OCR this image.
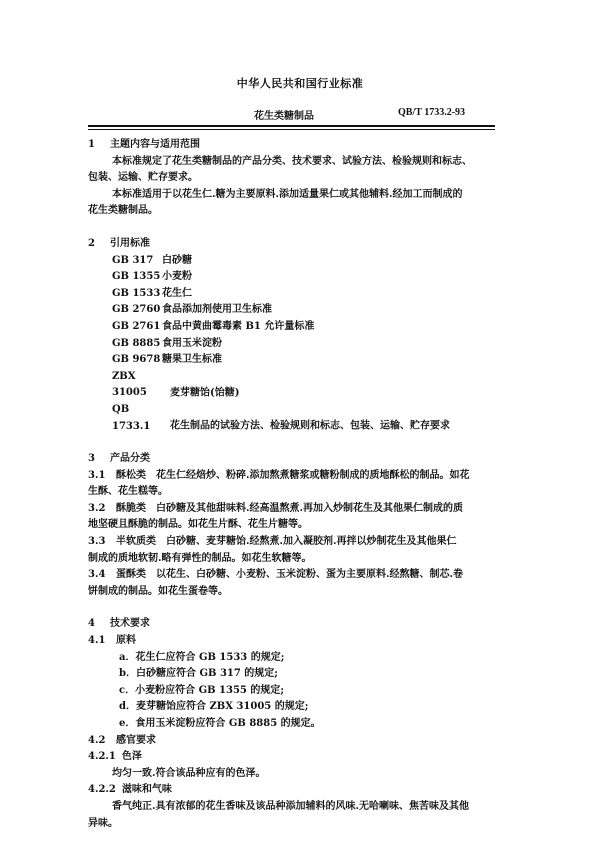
中华人民共和国行业标准
花生类糖制品	QB/T 1733.2-93

1 主题内容与适用范围

本标准规定了花生类糖制品的产品分类、技术要求、试验方法、检验规则和标志、

包装、运输、贮存要求。

本标准适用于以花生仁.糖为主要原料.添加适量果仁或其他辅料.经加工而制成的

花生类糖制品。

2 引用标准

GB 317 白砂糖

GB 1355 小麦粉

GB 1533 花生仁

GB 2760 食品添加剂使用卫生标准

GB 2761 食品中黄曲霉毒素 B1 允许量标准

GB 8885 食用玉米淀粉

GB 9678 糖果卫生标准

ZBX 31005 麦芽糖饴(饴糖)

QB 1733.1 花生制品的试验方法、检验规则和标志、包装、运输、贮存要求

3 产品分类

3.1 酥松类　花生仁经焙炒、粉碎.添加熬煮糖浆或糖粉制成的质地酥松的制品。如花

生酥、花生糕等。

3.2 酥脆类　白砂糖及其他甜味料.经高温熬煮.再加入炒制花生及其他果仁制成的质

地坚硬且酥脆的制品。如花生片酥、花生片糖等。

3.3 半软质类　白砂糖、麦芽糖饴.经熬煮.加入凝胶剂.再拌以炒制花生及其他果仁

制成的质地软韧.略有弹性的制品。如花生软糖等。

3.4 蛋酥类　以花生、白砂糖、小麦粉、玉米淀粉、蛋为主要原料.经熬糖、制芯.卷

饼制成的制品。如花生蛋卷等。

4 技术要求

4.1 原料

a．花生仁应符合 GB 1533 的规定;

b．白砂糖应符合 GB 317 的规定;

c．小麦粉应符合 GB 1355 的规定;

d．麦芽糖饴应符合 ZBX 31005 的规定;

e．食用玉米淀粉应符合 GB 8885 的规定。

4.2 感官要求

4.2.1 色泽

均匀一致.符合该品种应有的色泽。

4.2.2 滋味和气味

香气纯正.具有浓郁的花生香味及该品种添加辅料的风味.无哈喇味、焦苦味及其他

异味。
